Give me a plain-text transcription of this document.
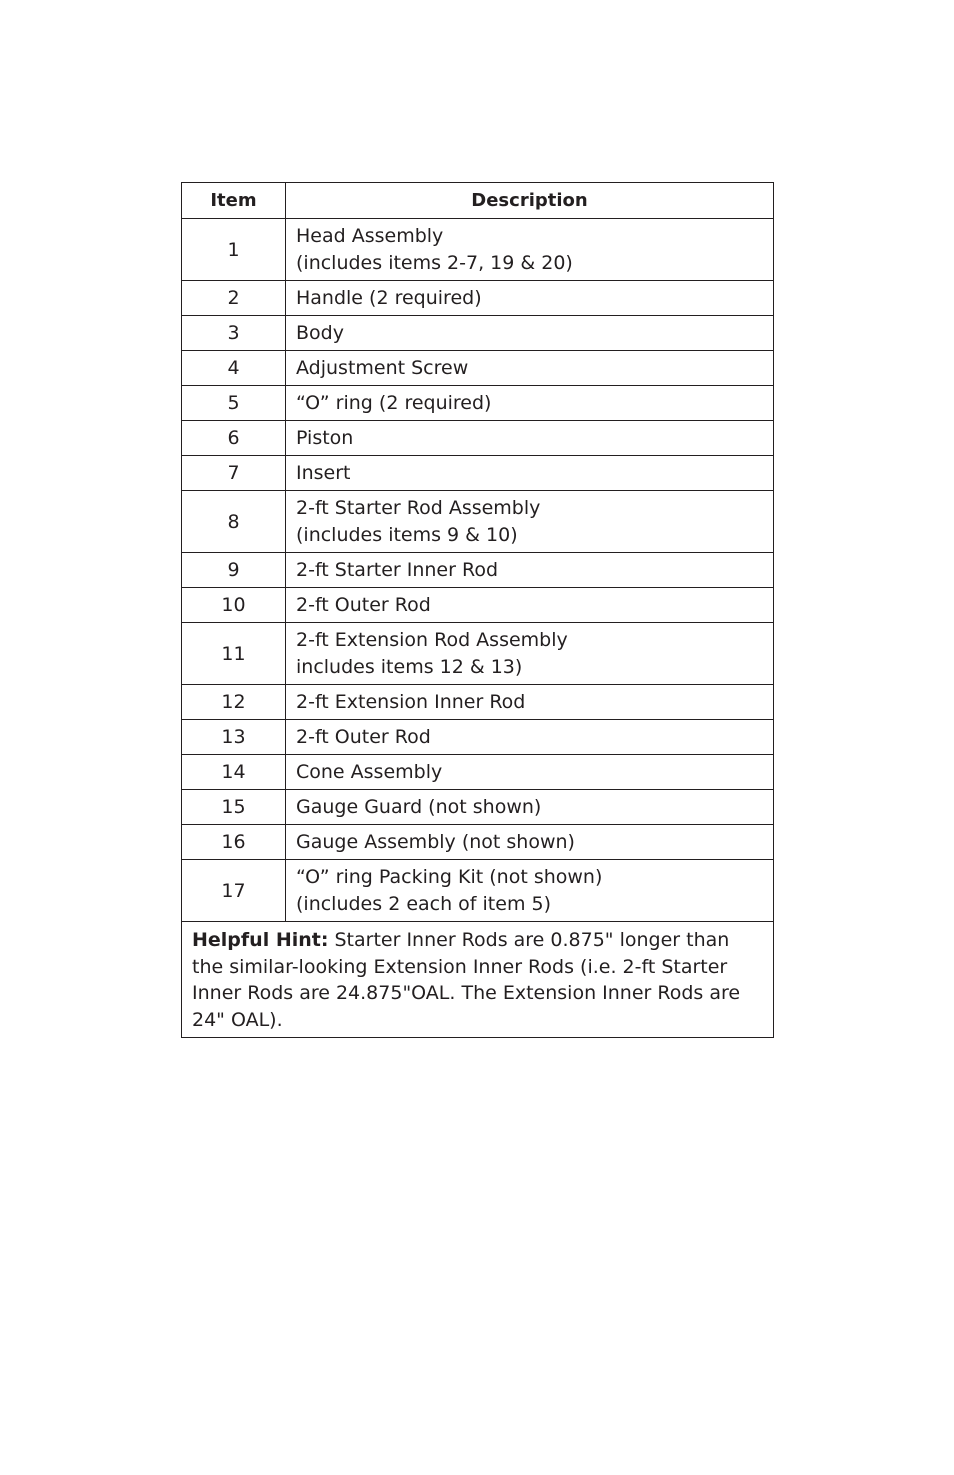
Item	Description
1	Head Assembly
(includes items 2-7, 19 & 20)

2	Handle (2 required)

3	Body

4	Adjustment Screw

5	“O” ring (2 required)

6	Piston

7	Insert

8	2-ft Starter Rod Assembly
(includes items 9 & 10)

9	2-ft Starter Inner Rod

10	2-ft Outer Rod

11	2-ft Extension Rod Assembly
includes items 12 & 13)

12	2-ft Extension Inner Rod

13	2-ft Outer Rod

14	Cone Assembly

15	Gauge Guard (not shown)

16	Gauge Assembly (not shown)

17	“O” ring Packing Kit (not shown)
(includes 2 each of item 5)

Helpful Hint: Starter Inner Rods are 0.875" longer than the similar-looking Extension Inner Rods (i.e. 2-ft Starter Inner Rods are 24.875"OAL. The Extension Inner Rods are 24" OAL).	
